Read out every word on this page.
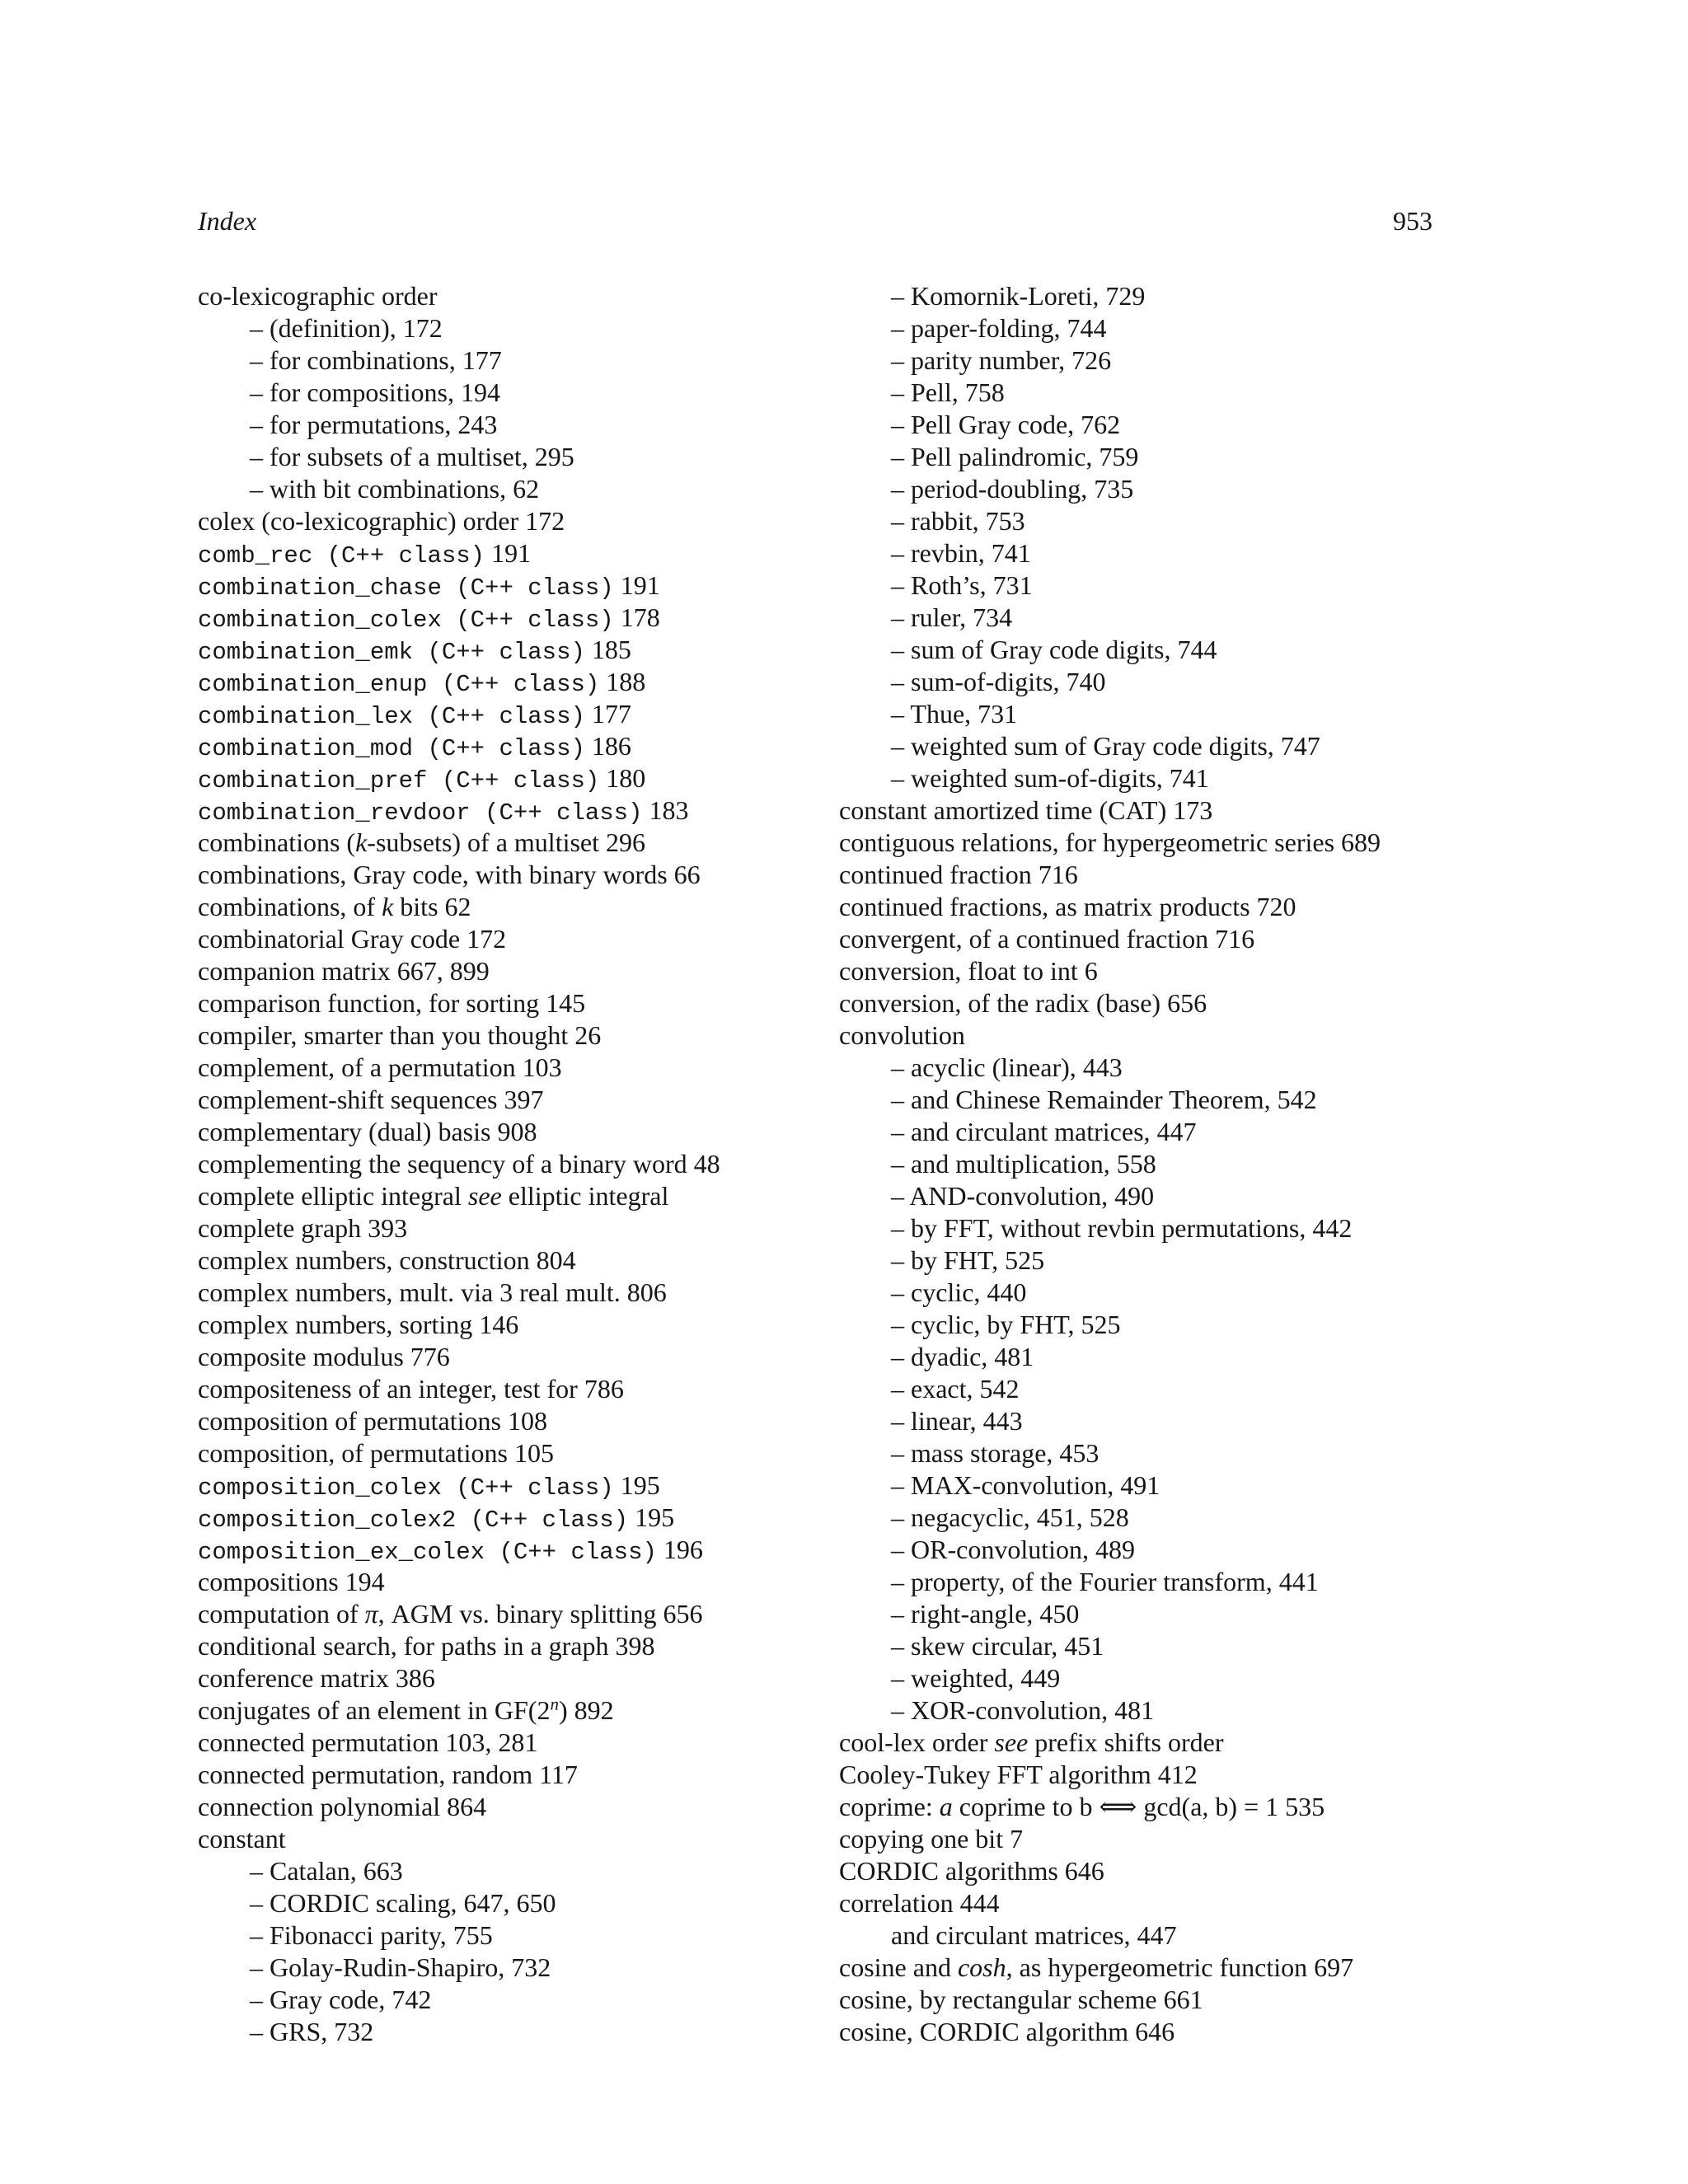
Index	953
co-lexicographic order
– (definition), 172
– for combinations, 177
– for compositions, 194
– for permutations, 243
– for subsets of a multiset, 295
– with bit combinations, 62
colex (co-lexicographic) order 172
comb_rec (C++ class) 191
combination_chase (C++ class) 191
combination_colex (C++ class) 178
combination_emk (C++ class) 185
combination_enup (C++ class) 188
combination_lex (C++ class) 177
combination_mod (C++ class) 186
combination_pref (C++ class) 180
combination_revdoor (C++ class) 183
combinations (k-subsets) of a multiset 296
combinations, Gray code, with binary words 66
combinations, of k bits 62
combinatorial Gray code 172
companion matrix 667, 899
comparison function, for sorting 145
compiler, smarter than you thought 26
complement, of a permutation 103
complement-shift sequences 397
complementary (dual) basis 908
complementing the sequency of a binary word 48
complete elliptic integral see elliptic integral
complete graph 393
complex numbers, construction 804
complex numbers, mult. via 3 real mult. 806
complex numbers, sorting 146
composite modulus 776
compositeness of an integer, test for 786
composition of permutations 108
composition, of permutations 105
composition_colex (C++ class) 195
composition_colex2 (C++ class) 195
composition_ex_colex (C++ class) 196
compositions 194
computation of π, AGM vs. binary splitting 656
conditional search, for paths in a graph 398
conference matrix 386
conjugates of an element in GF(2$^n$) 892
connected permutation 103, 281
connected permutation, random 117
connection polynomial 864
constant
– Catalan, 663
– CORDIC scaling, 647, 650
– Fibonacci parity, 755
– Golay-Rudin-Shapiro, 732
– Gray code, 742
– GRS, 732
– Komornik-Loreti, 729
– paper-folding, 744
– parity number, 726
– Pell, 758
– Pell Gray code, 762
– Pell palindromic, 759
– period-doubling, 735
– rabbit, 753
– revbin, 741
– Roth’s, 731
– ruler, 734
– sum of Gray code digits, 744
– sum-of-digits, 740
– Thue, 731
– weighted sum of Gray code digits, 747
– weighted sum-of-digits, 741
constant amortized time (CAT) 173
contiguous relations, for hypergeometric series 689
continued fraction 716
continued fractions, as matrix products 720
convergent, of a continued fraction 716
conversion, float to int 6
conversion, of the radix (base) 656
convolution
– acyclic (linear), 443
– and Chinese Remainder Theorem, 542
– and circulant matrices, 447
– and multiplication, 558
– AND-convolution, 490
– by FFT, without revbin permutations, 442
– by FHT, 525
– cyclic, 440
– cyclic, by FHT, 525
– dyadic, 481
– exact, 542
– linear, 443
– mass storage, 453
– MAX-convolution, 491
– negacyclic, 451, 528
– OR-convolution, 489
– property, of the Fourier transform, 441
– right-angle, 450
– skew circular, 451
– weighted, 449
– XOR-convolution, 481
cool-lex order see prefix shifts order
Cooley-Tukey FFT algorithm 412
coprime: a coprime to b ⟺ gcd(a, b) = 1 535
copying one bit 7
CORDIC algorithms 646
correlation 444
and circulant matrices, 447
cosine and cosh, as hypergeometric function 697
cosine, by rectangular scheme 661
cosine, CORDIC algorithm 646
